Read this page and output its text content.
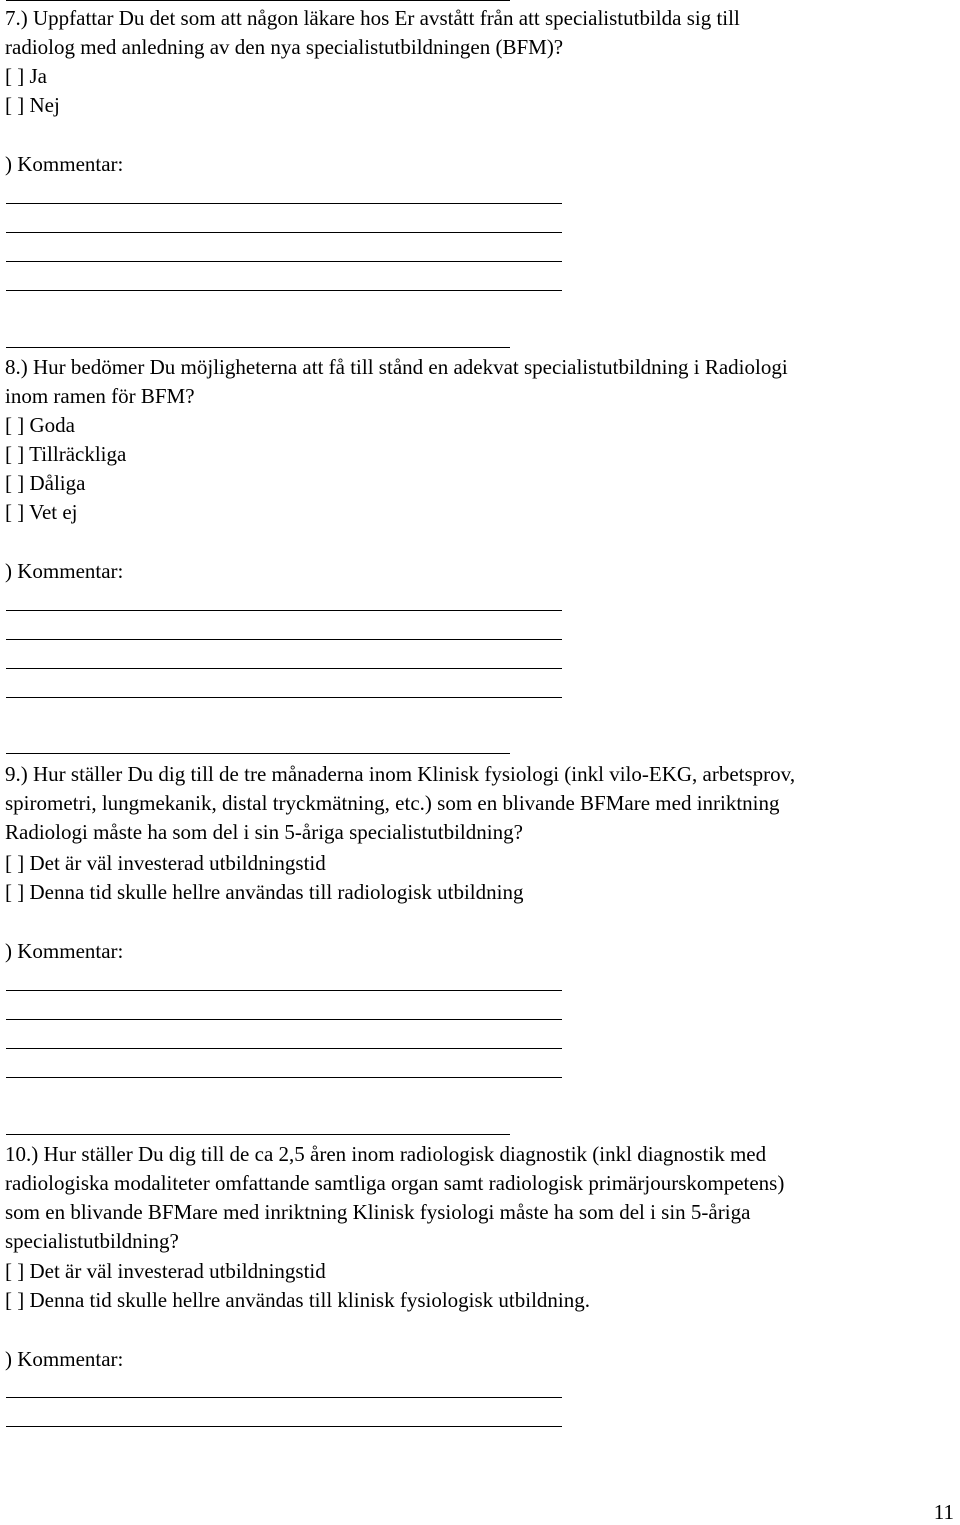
7.) Uppfattar Du det som att någon läkare hos Er avstått från att specialistutbilda sig till

radiolog med anledning av den nya specialistutbildningen (BFM)?

[ ] Ja

[ ] Nej

) Kommentar:

8.) Hur bedömer Du möjligheterna att få till stånd en adekvat specialistutbildning i Radiologi

inom ramen för BFM?

[ ] Goda

[ ] Tillräckliga

[ ] Dåliga

[ ] Vet ej

) Kommentar:

9.) Hur ställer Du dig till de tre månaderna inom Klinisk fysiologi (inkl vilo-EKG, arbetsprov,

spirometri, lungmekanik, distal tryckmätning, etc.) som en blivande BFMare med inriktning

Radiologi måste ha som del i sin 5-åriga specialistutbildning?

[ ] Det är väl investerad utbildningstid

[ ] Denna tid skulle hellre användas till radiologisk utbildning

) Kommentar:

10.) Hur ställer Du dig till de ca 2,5 åren inom radiologisk diagnostik (inkl diagnostik med

radiologiska modaliteter omfattande samtliga organ samt radiologisk primärjourskompetens)

som en blivande BFMare med inriktning Klinisk fysiologi måste ha som del i sin 5-åriga

specialistutbildning?

[ ] Det är väl investerad utbildningstid

[ ] Denna tid skulle hellre användas till klinisk fysiologisk utbildning.

) Kommentar:

11
